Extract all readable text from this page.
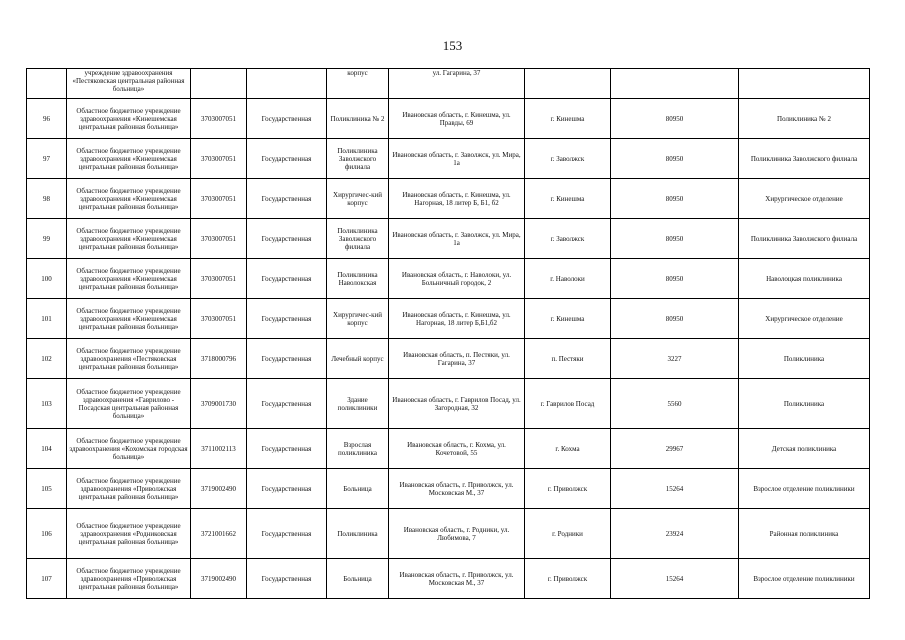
153
	учреждение здравоохранения «Пестяковская центральная районная больница»			корпус	ул. Гагарина, 37			
96	Областное бюджетное учреждение здравоохранения «Кинешемская центральная районная больница»	3703007051	Государственная	Поликлиника № 2	Ивановская область, г. Кинешма, ул. Правды, 69	г. Кинешма	80950	Поликлиника № 2
97	Областное бюджетное учреждение здравоохранения «Кинешемская центральная районная больница»	3703007051	Государственная	Поликлиника Заволжского филиала	Ивановская область, г. Заволжск, ул. Мира, 1а	г. Заволжск	80950	Поликлиника Заволжского филиала
98	Областное бюджетное учреждение здравоохранения «Кинешемская центральная районная больница»	3703007051	Государственная	Хирургичес-кий корпус	Ивановская область, г. Кинешма, ул. Нагорная, 18 литер Б, Б1, б2	г. Кинешма	80950	Хирургическое отделение
99	Областное бюджетное учреждение здравоохранения «Кинешемская центральная районная больница»	3703007051	Государственная	Поликлиника Заволжского филиала	Ивановская область, г. Заволжск, ул. Мира, 1а	г. Заволжск	80950	Поликлиника Заволжского филиала
100	Областное бюджетное учреждение здравоохранения «Кинешемская центральная районная больница»	3703007051	Государственная	Поликлиника Наволокская	Ивановская область, г. Наволоки, ул. Больничный городок, 2	г. Наволоки	80950	Наволоцкая поликлиника
101	Областное бюджетное учреждение здравоохранения «Кинешемская центральная районная больница»	3703007051	Государственная	Хирургичес-кий корпус	Ивановская область, г. Кинешма, ул. Нагорная, 18 литер Б,Б1,б2	г. Кинешма	80950	Хирургическое отделение
102	Областное бюджетное учреждение здравоохранения «Пестяковская центральная районная больница»	3718000796	Государственная	Лечебный корпус	Ивановская область, п. Пестяки, ул. Гагарина, 37	п. Пестяки	3227	Поликлиника
103	Областное бюджетное учреждение здравоохранения «Гаврилово - Посадская центральная районная больница»	3709001730	Государственная	Здание поликлиники	Ивановская область, г. Гаврилов Посад, ул. Загородная, 32	г. Гаврилов Посад	5560	Поликлиника
104	Областное бюджетное учреждение здравоохранения «Кохомская городская больница»	3711002113	Государственная	Взрослая поликлиника	Ивановская область, г. Кохма, ул. Кочетовой, 55	г. Кохма	29967	Детская поликлиника
105	Областное бюджетное учреждение здравоохранения «Приволжская центральная районная больница»	3719002490	Государственная	Больница	Ивановская область, г. Приволжск, ул. Московская М., 37	г. Приволжск	15264	Взрослое отделение поликлиники
106	Областное бюджетное учреждение здравоохранения «Родниковская центральная районная больница»	3721001662	Государственная	Поликлиника	Ивановская область, г. Родники, ул. Любимова, 7	г. Родники	23924	Районная поликлиника
107	Областное бюджетное учреждение здравоохранения «Приволжская центральная районная больница»	3719002490	Государственная	Больница	Ивановская область, г. Приволжск, ул. Московская М., 37	г. Приволжск	15264	Взрослое отделение поликлиники
